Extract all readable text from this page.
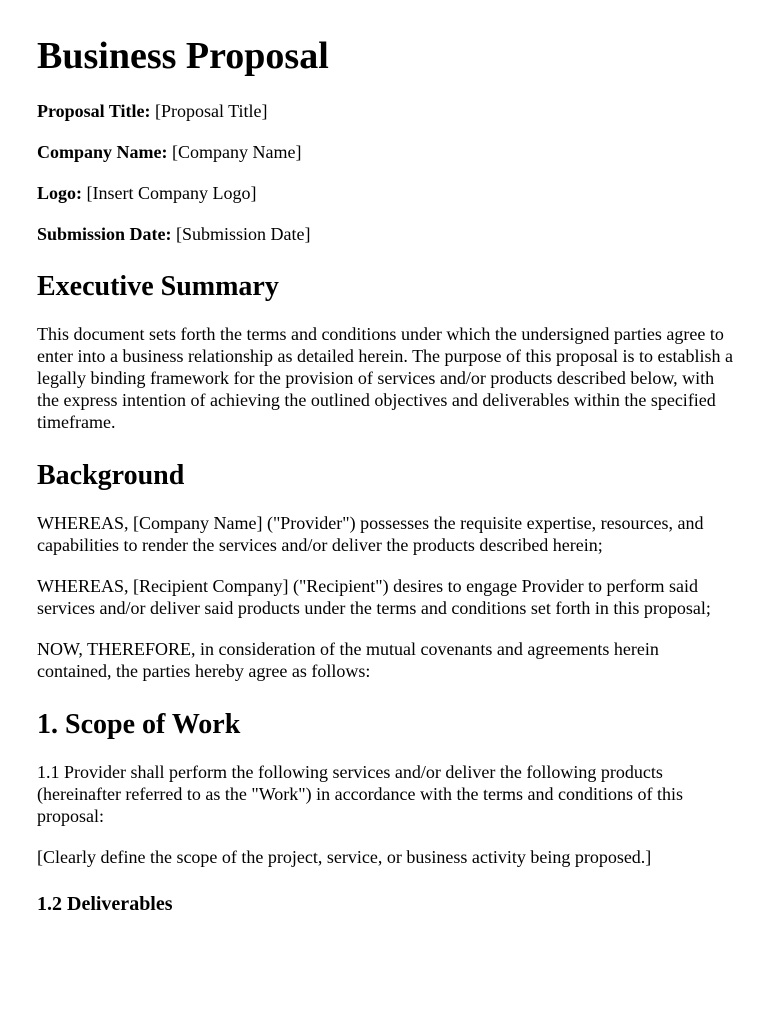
Business Proposal
Proposal Title: [Proposal Title]
Company Name: [Company Name]
Logo: [Insert Company Logo]
Submission Date: [Submission Date]
Executive Summary

This document sets forth the terms and conditions under which the undersigned parties agree to enter into a business relationship as detailed herein. The purpose of this proposal is to establish a legally binding framework for the provision of services and/or products described below, with the express intention of achieving the outlined objectives and deliverables within the specified timeframe.

Background

WHEREAS, [Company Name] ("Provider") possesses the requisite expertise, resources, and capabilities to render the services and/or deliver the products described herein;

WHEREAS, [Recipient Company] ("Recipient") desires to engage Provider to perform said services and/or deliver said products under the terms and conditions set forth in this proposal;

NOW, THEREFORE, in consideration of the mutual covenants and agreements herein contained, the parties hereby agree as follows:

1. Scope of Work

1.1 Provider shall perform the following services and/or deliver the following products (hereinafter referred to as the "Work") in accordance with the terms and conditions of this proposal:

[Clearly define the scope of the project, service, or business activity being proposed.]

1.2 Deliverables
